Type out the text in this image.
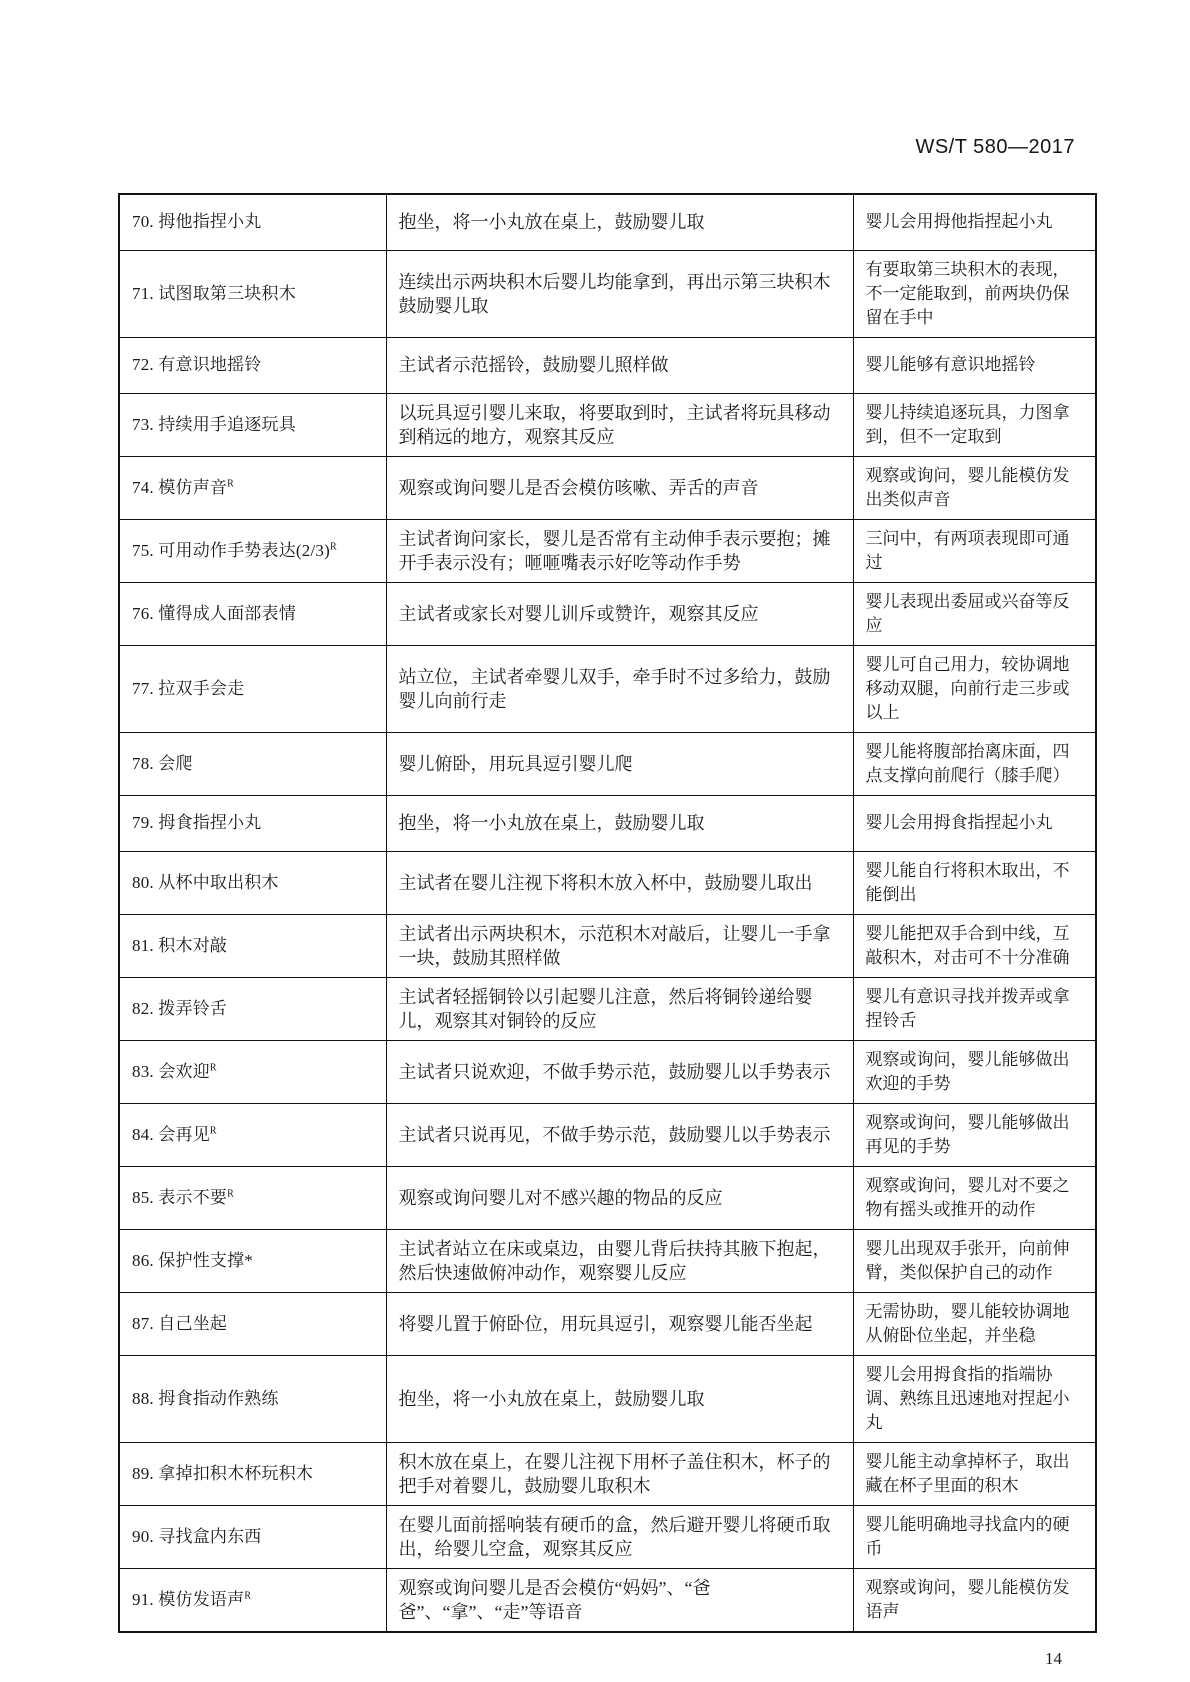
WS/T 580—2017
70. 拇他指捏小丸	抱坐，将一小丸放在桌上，鼓励婴儿取	婴儿会用拇他指捏起小丸
71. 试图取第三块积木	连续出示两块积木后婴儿均能拿到，再出示第三块积木鼓励婴儿取	有要取第三块积木的表现，不一定能取到，前两块仍保留在手中
72. 有意识地摇铃	主试者示范摇铃，鼓励婴儿照样做	婴儿能够有意识地摇铃
73. 持续用手追逐玩具	以玩具逗引婴儿来取，将要取到时，主试者将玩具移动到稍远的地方，观察其反应	婴儿持续追逐玩具，力图拿到，但不一定取到
74. 模仿声音$^R$	观察或询问婴儿是否会模仿咳嗽、弄舌的声音	观察或询问，婴儿能模仿发出类似声音
75. 可用动作手势表达$(2/3)^R$	主试者询问家长，婴儿是否常有主动伸手表示要抱；摊开手表示没有；咂咂嘴表示好吃等动作手势	三问中，有两项表现即可通过
76. 懂得成人面部表情	主试者或家长对婴儿训斥或赞许，观察其反应	婴儿表现出委屈或兴奋等反应
77. 拉双手会走	站立位，主试者牵婴儿双手，牵手时不过多给力，鼓励婴儿向前行走	婴儿可自己用力，较协调地移动双腿，向前行走三步或以上
78. 会爬	婴儿俯卧，用玩具逗引婴儿爬	婴儿能将腹部抬离床面，四点支撑向前爬行（膝手爬）
79. 拇食指捏小丸	抱坐，将一小丸放在桌上，鼓励婴儿取	婴儿会用拇食指捏起小丸
80. 从杯中取出积木	主试者在婴儿注视下将积木放入杯中，鼓励婴儿取出	婴儿能自行将积木取出，不能倒出
81. 积木对敲	主试者出示两块积木，示范积木对敲后，让婴儿一手拿一块，鼓励其照样做	婴儿能把双手合到中线，互敲积木，对击可不十分准确
82. 拨弄铃舌	主试者轻摇铜铃以引起婴儿注意，然后将铜铃递给婴儿，观察其对铜铃的反应	婴儿有意识寻找并拨弄或拿捏铃舌
83. 会欢迎$^R$	主试者只说欢迎，不做手势示范，鼓励婴儿以手势表示	观察或询问，婴儿能够做出欢迎的手势
84. 会再见$^R$	主试者只说再见，不做手势示范，鼓励婴儿以手势表示	观察或询问，婴儿能够做出再见的手势
85. 表示不要$^R$	观察或询问婴儿对不感兴趣的物品的反应	观察或询问，婴儿对不要之物有摇头或推开的动作
86. 保护性支撑*	主试者站立在床或桌边，由婴儿背后扶持其腋下抱起，然后快速做俯冲动作，观察婴儿反应	婴儿出现双手张开，向前伸臂，类似保护自己的动作
87. 自己坐起	将婴儿置于俯卧位，用玩具逗引，观察婴儿能否坐起	无需协助，婴儿能较协调地从俯卧位坐起，并坐稳
88. 拇食指动作熟练	抱坐，将一小丸放在桌上，鼓励婴儿取	婴儿会用拇食指的指端协调、熟练且迅速地对捏起小丸
89. 拿掉扣积木杯玩积木	积木放在桌上，在婴儿注视下用杯子盖住积木，杯子的把手对着婴儿，鼓励婴儿取积木	婴儿能主动拿掉杯子，取出藏在杯子里面的积木
90. 寻找盒内东西	在婴儿面前摇响装有硬币的盒，然后避开婴儿将硬币取出，给婴儿空盒，观察其反应	婴儿能明确地寻找盒内的硬币
91. 模仿发语声$^R$	观察或询问婴儿是否会模仿“妈妈”、“爸爸”、“拿”、“走”等语音	观察或询问，婴儿能模仿发语声
14
